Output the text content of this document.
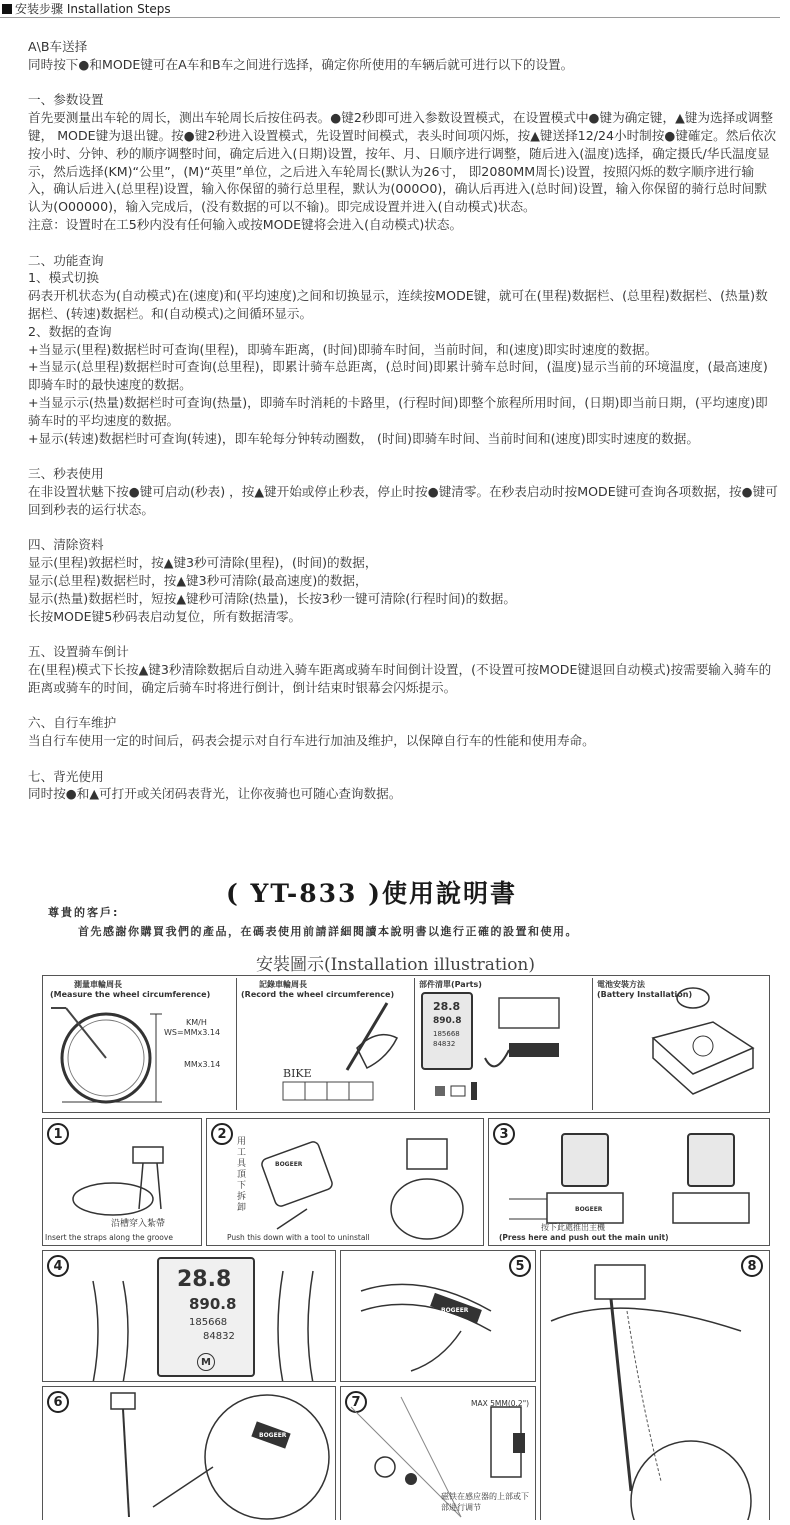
安装步骤 Installation Steps
A\B车送择
同時按下●和MODE键可在A车和B车之间进行选择，确定你所使用的车辆后就可进行以下的设置。
一、参数设置
首先要测量出车轮的周长，测出车轮周长后按住码表。●键2秒即可进入参数设置模式，在设置模式中●键为确定键，▲键为选择或调整键， MODE键为退出键。按●键2秒进入设置模式，先设置时间模式，表头时间项闪烁，按▲键送择12/24小时制按●键確定。然后依次按小时、分钟、秒的顺序调整时间，确定后进入(日期)设置，按年、月、日顺序进行调整，随后进入(温度)选择，确定摄氏/华氏温度显示，然后选择(KM)“公里”，(M)“英里”单位，之后进入车轮周长(默认为26寸， 即2080MM周长)设置，按照闪烁的数字顺序进行输入，确认后进入(总里程)设置，输入你保留的骑行总里程，默认为(000O0)，确认后再进入(总时间)设置，输入你保留的骑行总时间默认为(O00000)，输入完成后，(没有数据的可以不输)。即完成设置并进入(自动模式)状态。
注意：设置时在工5秒内没有任何输入或按MODE键将会进入(自动模式)状态。
二、功能查询
1、模式切换
码表开机状态为(自动模式)在(速度)和(平均速度)之间和切换显示，连续按MODE键，就可在(里程)数据栏、(总里程)数据栏、(热量)数据栏、(转速)数据栏。和(自动模式)之间循环显示。
2、数据的查询
+当显示(里程)数据栏时可查询(里程)，即骑车距离，(时间)即骑车时间，当前时间，和(速度)即实时速度的数据。
+当显示(总里程)数据栏时可查询(总里程)，即累计骑车总距离，(总时间)即累计骑车总时间，(温度)显示当前的环境温度，(最高速度)即骑车时的最快速度的数据。
+当显示示(热量)数据栏时可查询(热量)，即骑车时消耗的卡路里，(行程时间)即整个旅程所用时间，(日期)即当前日期，(平均速度)即骑车时的平均速度的数据。
+显示(转速)数据栏时可查询(转速)，即车轮每分钟转动圈数， (时间)即骑车时间、当前时间和(速度)即实时速度的数据。
三、秒表使用
在非设置状魅下按●键可启动(秒表) ，按▲键开始或停止秒表，停止时按●键清零。在秒表启动时按MODE键可查询各项数据，按●键可回到秒表的运行状态。
四、清除资料
显示(里程)敦据栏时，按▲键3秒可清除(里程)，(时间)的数据，
显示(总里程)数据栏时，按▲键3秒可清除(最高速度)的数据，
显示(热量)数据栏时，短按▲键秒可清除(热量)，长按3秒一键可清除(行程时间)的数据。
长按MODE键5秒码表启动复位，所有数据清零。
五、设置骑车倒计
在(里程)模式下长按▲键3秒清除数据后自动进入骑车距离或骑车时间倒计设置，(不设置可按MODE键退回自动模式)按需要输入骑车的距离或骑车的时间，确定后骑车时将进行倒计，倒计结束时银幕会闪烁提示。
六、自行车维护
当自行车使用一定的时间后，码表会提示对自行车进行加油及维护，以保障自行车的性能和使用寿命。
七、背光使用
同时按●和▲可打开或关闭码表背光，让你夜骑也可随心查询数据。
( YT-833 )使用說明書
尊貴的客戶:
首先感謝你購買我們的產品，在碼表使用前請詳細閱讀本說明書以進行正確的設置和使用。
安裝圖示(Installation illustration)
測量車輪周長
(Measure the wheel circumference)
KM/H
WS=MMx3.14
MMx3.14
記錄車輪周長
(Record the wheel circumference)
BIKE
部件清單(Parts)
28.8
890.8
185668
84832
電池安裝方法
(Battery Installation)
1
沿槽穿入紮帶
Insert the straps along the groove
2
用工具頂下拆卸
BOGEER
Push this down with a tool to uninstall
3
BOGEER
按下此處推出主機
(Press here and push out the main unit)
4
28.8
890.8
185668
84832
M
5
BOGEER
8
6
BOGEER
7	MAX 5MM(0.2")
磁铁在感应器的上部或下部进行调节
